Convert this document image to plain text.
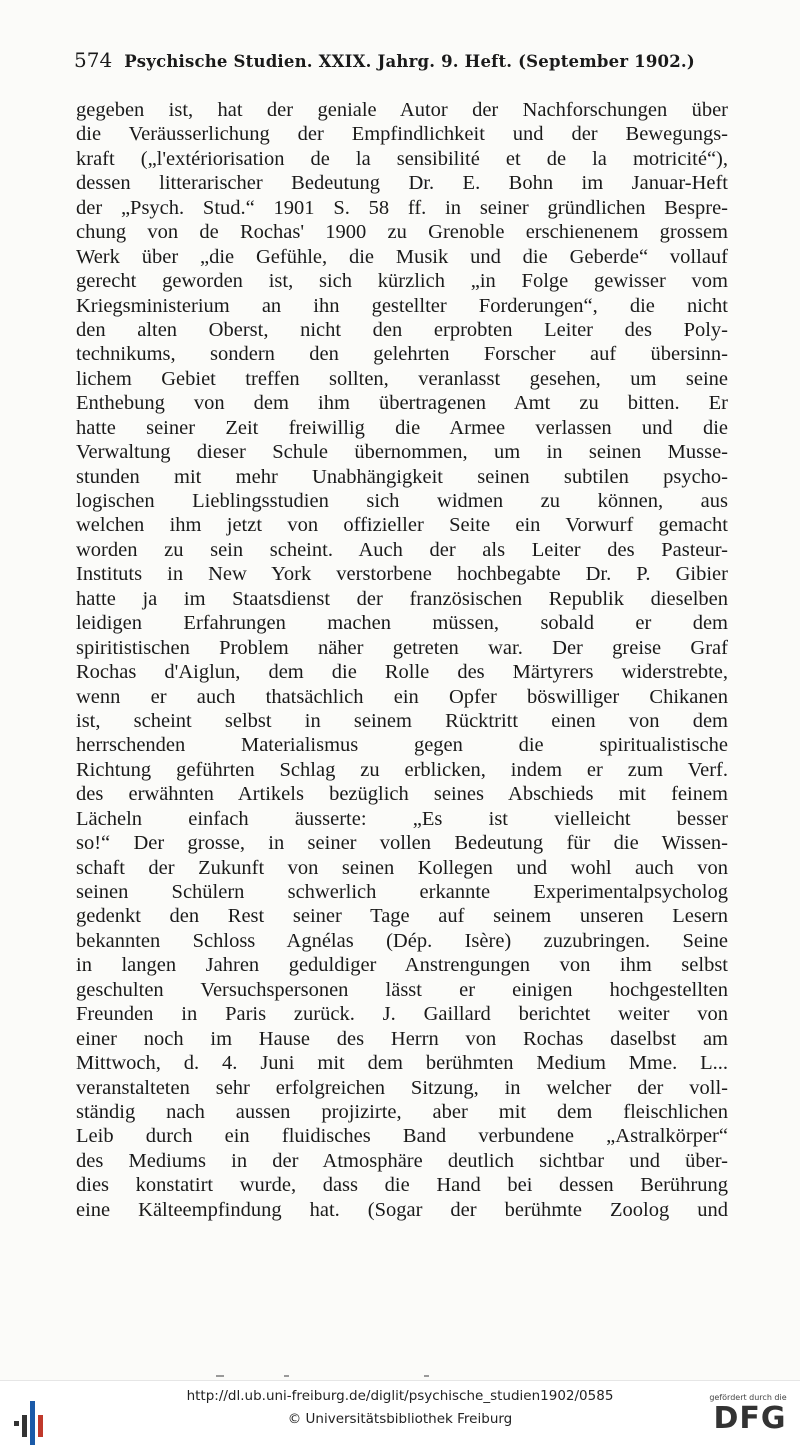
574 Psychische Studien. XXIX. Jahrg. 9. Heft. (September 1902.)
gegeben ist, hat der geniale Autor der Nachforschungen über
die Veräusserlichung der Empfindlichkeit und der Bewegungs-
kraft („l'extériorisation de la sensibilité et de la motricité“),
dessen litterarischer Bedeutung Dr. E. Bohn im Januar-Heft
der „Psych. Stud.“ 1901 S. 58 ff. in seiner gründlichen Bespre-
chung von de Rochas' 1900 zu Grenoble erschienenem grossem
Werk über „die Gefühle, die Musik und die Geberde“ vollauf
gerecht geworden ist, sich kürzlich „in Folge gewisser vom
Kriegsministerium an ihn gestellter Forderungen“, die nicht
den alten Oberst, nicht den erprobten Leiter des Poly-
technikums, sondern den gelehrten Forscher auf übersinn-
lichem Gebiet treffen sollten, veranlasst gesehen, um seine
Enthebung von dem ihm übertragenen Amt zu bitten. Er
hatte seiner Zeit freiwillig die Armee verlassen und die
Verwaltung dieser Schule übernommen, um in seinen Musse-
stunden mit mehr Unabhängigkeit seinen subtilen psycho-
logischen Lieblingsstudien sich widmen zu können, aus
welchen ihm jetzt von offizieller Seite ein Vorwurf gemacht
worden zu sein scheint. Auch der als Leiter des Pasteur-
Instituts in New York verstorbene hochbegabte Dr. P. Gibier
hatte ja im Staatsdienst der französischen Republik dieselben
leidigen Erfahrungen machen müssen, sobald er dem
spiritistischen Problem näher getreten war. Der greise Graf
Rochas d'Aiglun, dem die Rolle des Märtyrers widerstrebte,
wenn er auch thatsächlich ein Opfer böswilliger Chikanen
ist, scheint selbst in seinem Rücktritt einen von dem
herrschenden Materialismus gegen die spiritualistische
Richtung geführten Schlag zu erblicken, indem er zum Verf.
des erwähnten Artikels bezüglich seines Abschieds mit feinem
Lächeln einfach äusserte: „Es ist vielleicht besser
so!“ Der grosse, in seiner vollen Bedeutung für die Wissen-
schaft der Zukunft von seinen Kollegen und wohl auch von
seinen Schülern schwerlich erkannte Experimentalpsycholog
gedenkt den Rest seiner Tage auf seinem unseren Lesern
bekannten Schloss Agnélas (Dép. Isère) zuzubringen. Seine
in langen Jahren geduldiger Anstrengungen von ihm selbst
geschulten Versuchspersonen lässt er einigen hochgestellten
Freunden in Paris zurück. J. Gaillard berichtet weiter von
einer noch im Hause des Herrn von Rochas daselbst am
Mittwoch, d. 4. Juni mit dem berühmten Medium Mme. L...
veranstalteten sehr erfolgreichen Sitzung, in welcher der voll-
ständig nach aussen projizirte, aber mit dem fleischlichen
Leib durch ein fluidisches Band verbundene „Astralkörper“
des Mediums in der Atmosphäre deutlich sichtbar und über-
dies konstatirt wurde, dass die Hand bei dessen Berührung
eine Kälteempfindung hat. (Sogar der berühmte Zoolog und
http://dl.ub.uni-freiburg.de/diglit/psychische_studien1902/0585
© Universitätsbibliothek Freiburg
gefördert durch die
DFG
